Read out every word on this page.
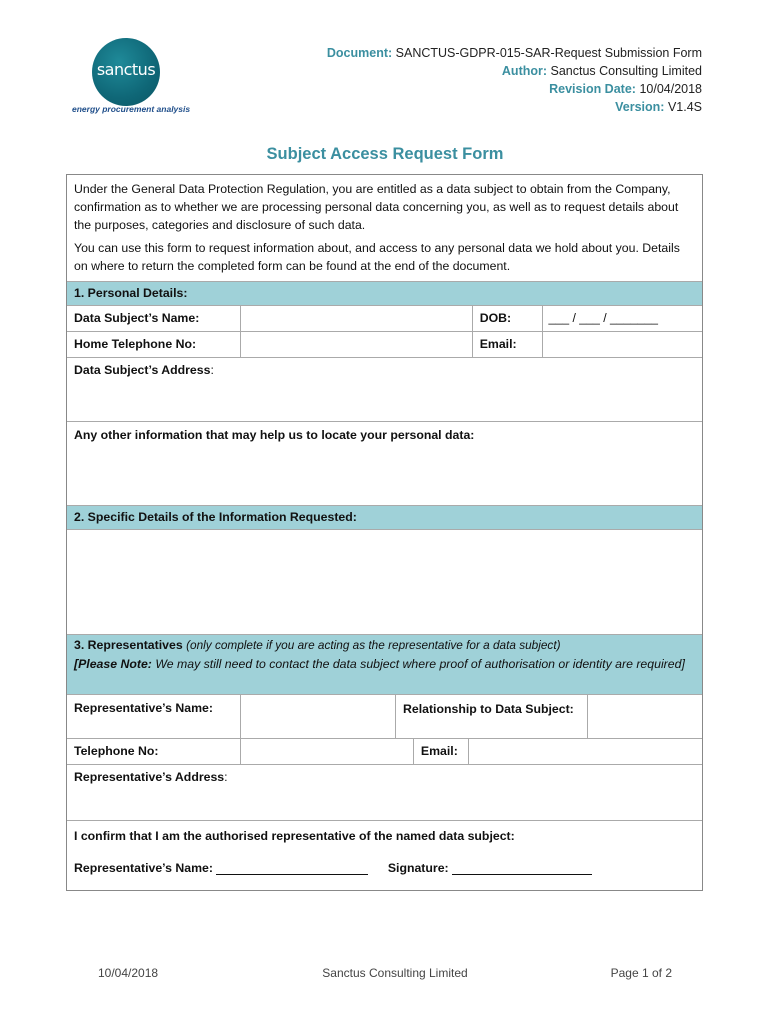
sanctus
energy procurement analysis
Document: SANCTUS-GDPR-015-SAR-Request Submission Form
Author: Sanctus Consulting Limited
Revision Date: 10/04/2018
Version: V1.4S
Subject Access Request Form

Under the General Data Protection Regulation, you are entitled as a data subject to obtain from the Company, confirmation as to whether we are processing personal data concerning you, as well as to request details about the purposes, categories and disclosure of such data.

You can use this form to request information about, and access to any personal data we hold about you. Details on where to return the completed form can be found at the end of the document.

1. Personal Details:
Data Subject’s Name:	DOB:	___ / ___ / _______
Home Telephone No:	Email:
Data Subject’s Address:
Any other information that may help us to locate your personal data:
2. Specific Details of the Information Requested:
3. Representatives (only complete if you are acting as the representative for a data subject)
[Please Note: We may still need to contact the data subject where proof of authorisation or identity are required]
Representative’s Name:	Relationship to Data Subject:
Telephone No:	Email:
Representative’s Address:
I confirm that I am the authorised representative of the named data subject:
Representative’s Name:	Signature:
10/04/2018	Sanctus Consulting Limited	Page 1 of 2
